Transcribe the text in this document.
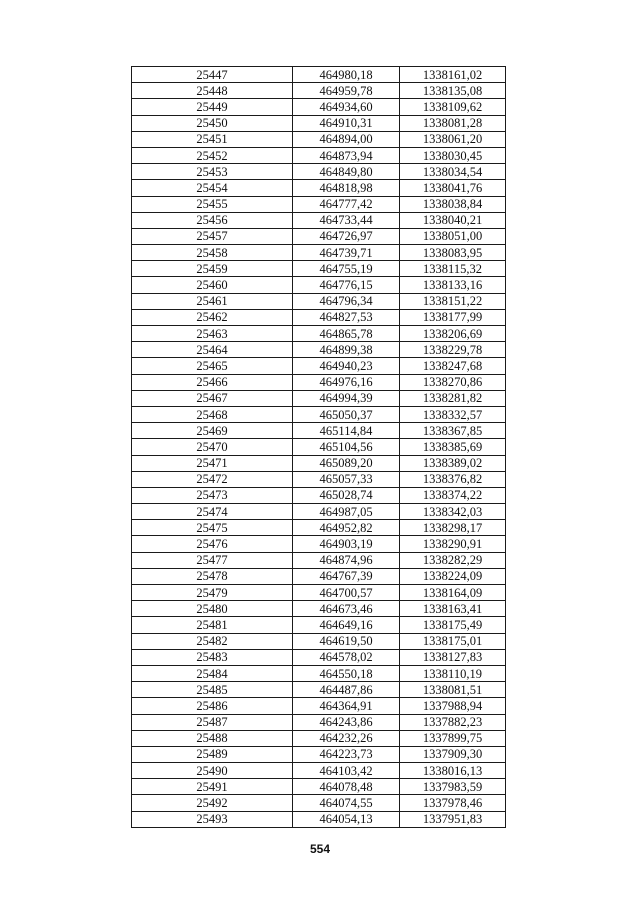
25447	464980,18	1338161,02
25448	464959,78	1338135,08
25449	464934,60	1338109,62
25450	464910,31	1338081,28
25451	464894,00	1338061,20
25452	464873,94	1338030,45
25453	464849,80	1338034,54
25454	464818,98	1338041,76
25455	464777,42	1338038,84
25456	464733,44	1338040,21
25457	464726,97	1338051,00
25458	464739,71	1338083,95
25459	464755,19	1338115,32
25460	464776,15	1338133,16
25461	464796,34	1338151,22
25462	464827,53	1338177,99
25463	464865,78	1338206,69
25464	464899,38	1338229,78
25465	464940,23	1338247,68
25466	464976,16	1338270,86
25467	464994,39	1338281,82
25468	465050,37	1338332,57
25469	465114,84	1338367,85
25470	465104,56	1338385,69
25471	465089,20	1338389,02
25472	465057,33	1338376,82
25473	465028,74	1338374,22
25474	464987,05	1338342,03
25475	464952,82	1338298,17
25476	464903,19	1338290,91
25477	464874,96	1338282,29
25478	464767,39	1338224,09
25479	464700,57	1338164,09
25480	464673,46	1338163,41
25481	464649,16	1338175,49
25482	464619,50	1338175,01
25483	464578,02	1338127,83
25484	464550,18	1338110,19
25485	464487,86	1338081,51
25486	464364,91	1337988,94
25487	464243,86	1337882,23
25488	464232,26	1337899,75
25489	464223,73	1337909,30
25490	464103,42	1338016,13
25491	464078,48	1337983,59
25492	464074,55	1337978,46
25493	464054,13	1337951,83
554
